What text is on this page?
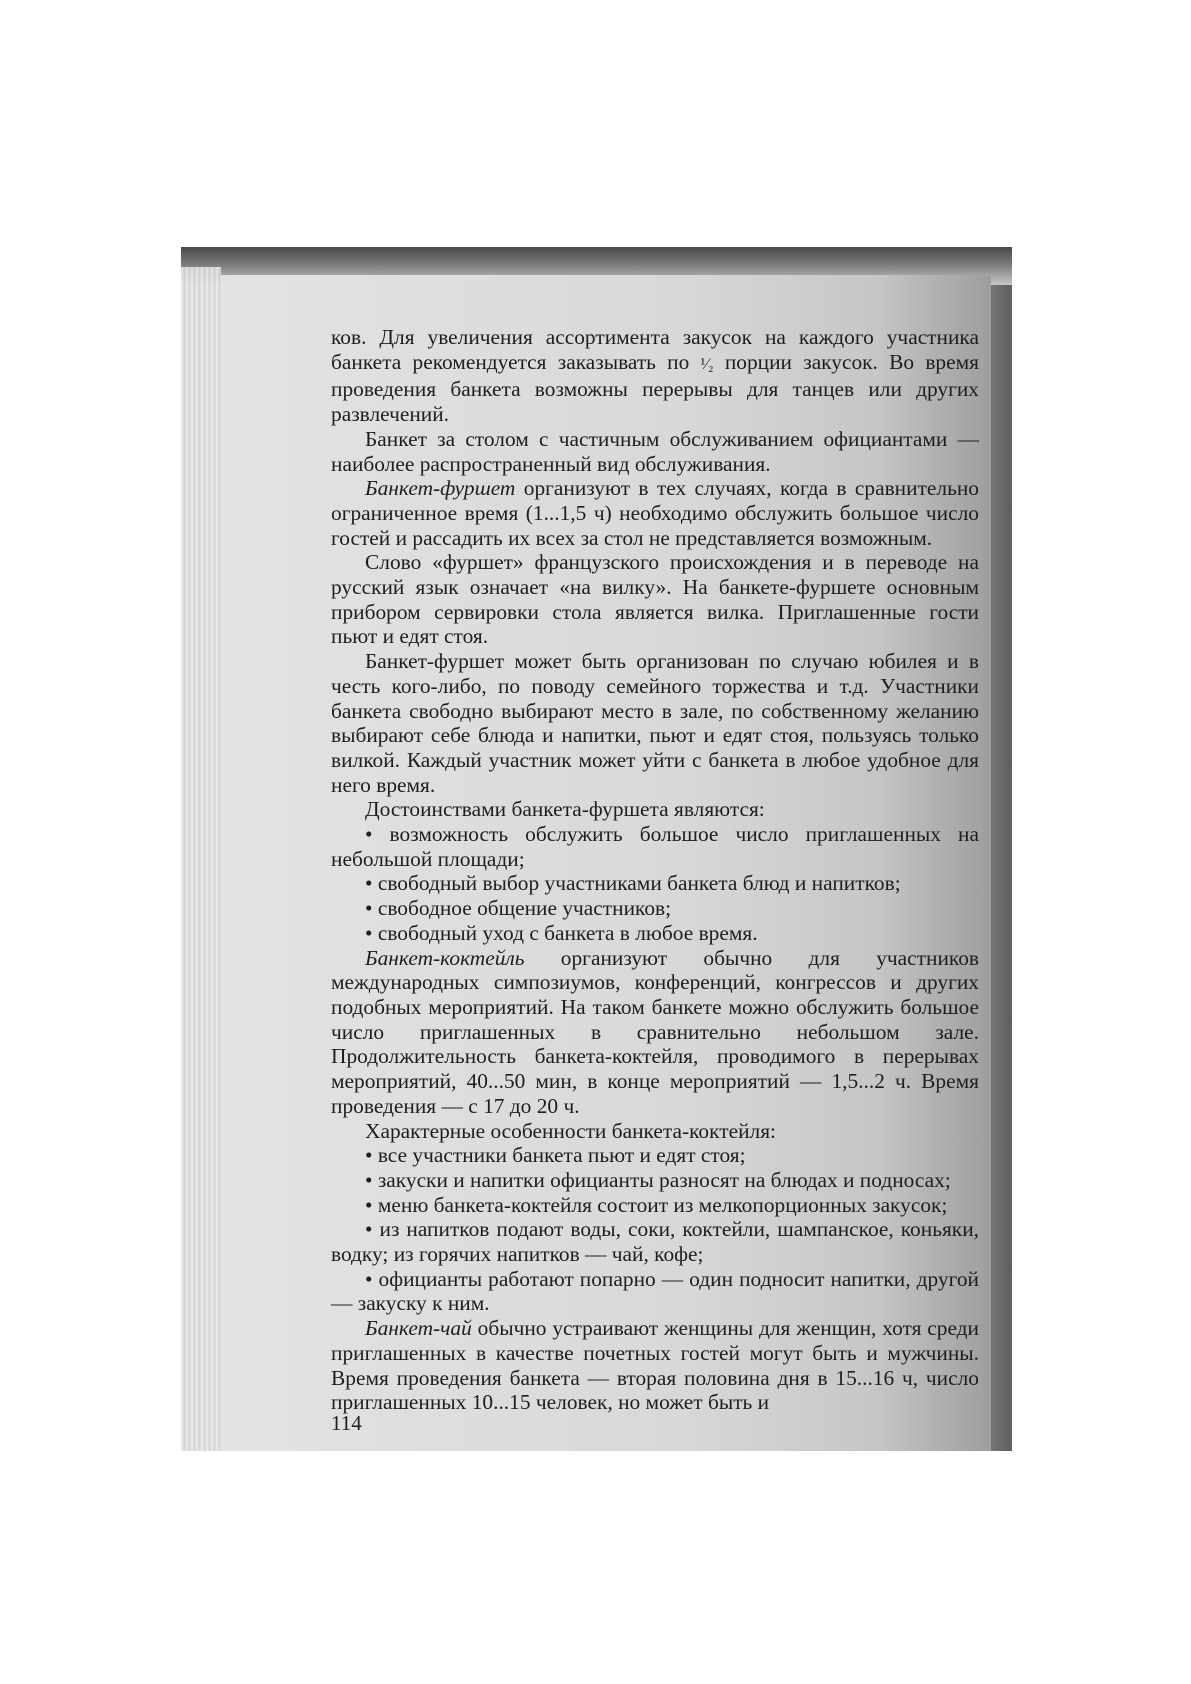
ков. Для увеличения ассортимента закусок на каждого участника банкета рекомендуется заказывать по ¹⁄₂ порции закусок. Во время проведения банкета возможны перерывы для танцев или других развлечений.

Банкет за столом с частичным обслуживанием официантами — наиболее распространенный вид обслуживания.

Банкет-фуршет организуют в тех случаях, когда в сравнительно ограниченное время (1...1,5 ч) необходимо обслужить большое число гостей и рассадить их всех за стол не представляется возможным.

Слово «фуршет» французского происхождения и в переводе на русский язык означает «на вилку». На банкете-фуршете основным прибором сервировки стола является вилка. Приглашенные гости пьют и едят стоя.

Банкет-фуршет может быть организован по случаю юбилея и в честь кого-либо, по поводу семейного торжества и т.д. Участники банкета свободно выбирают место в зале, по собственному желанию выбирают себе блюда и напитки, пьют и едят стоя, пользуясь только вилкой. Каждый участник может уйти с банкета в любое удобное для него время.

Достоинствами банкета-фуршета являются:

• возможность обслужить большое число приглашенных на небольшой площади;

• свободный выбор участниками банкета блюд и напитков;

• свободное общение участников;

• свободный уход с банкета в любое время.

Банкет-коктейль организуют обычно для участников международных симпозиумов, конференций, конгрессов и других подобных мероприятий. На таком банкете можно обслужить большое число приглашенных в сравнительно небольшом зале. Продолжительность банкета-коктейля, проводимого в перерывах мероприятий, 40...50 мин, в конце мероприятий — 1,5...2 ч. Время проведения — с 17 до 20 ч.

Характерные особенности банкета-коктейля:

• все участники банкета пьют и едят стоя;

• закуски и напитки официанты разносят на блюдах и подносах;

• меню банкета-коктейля состоит из мелкопорционных закусок;

• из напитков подают воды, соки, коктейли, шампанское, коньяки, водку; из горячих напитков — чай, кофе;

• официанты работают попарно — один подносит напитки, другой — закуску к ним.

Банкет-чай обычно устраивают женщины для женщин, хотя среди приглашенных в качестве почетных гостей могут быть и мужчины. Время проведения банкета — вторая половина дня в 15...16 ч, число приглашенных 10...15 человек, но может быть и

114
